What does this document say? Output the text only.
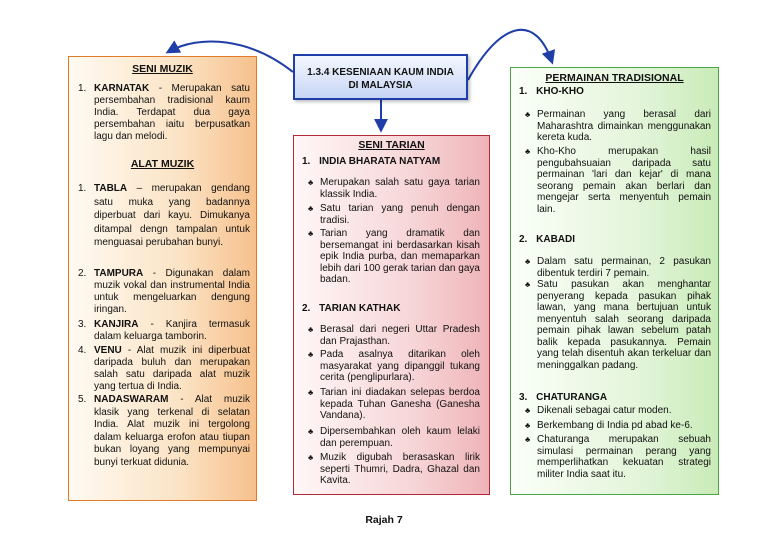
1.3.4 KESENIAAN KAUM INDIA DI MALAYSIA
SENI MUZIK
1. KARNATAK - Merupakan satu persembahan tradisional kaum India. Terdapat dua gaya persembahan iaitu berpusatkan lagu dan melodi.
ALAT MUZIK
1. TABLA – merupakan gendang satu muka yang badannya diperbuat dari kayu. Dimukanya ditampal dengn tampalan untuk menguasai perubahan bunyi.
2. TAMPURA - Digunakan dalam muzik vokal dan instrumental India untuk mengeluarkan dengung iringan.
3. KANJIRA - Kanjira termasuk dalam keluarga tamborin.
4. VENU - Alat muzik ini diperbuat daripada buluh dan merupakan salah satu daripada alat muzik yang tertua di India.
5. NADASWARAM - Alat muzik klasik yang terkenal di selatan India. Alat muzik ini tergolong dalam keluarga erofon atau tiupan bukan loyang yang mempunyai bunyi terkuat didunia.
SENI TARIAN
1. INDIA BHARATA NATYAM
♣ Merupakan salah satu gaya tarian klassik India.
♣ Satu tarian yang penuh dengan tradisi.
♣ Tarian yang dramatik dan bersemangat ini berdasarkan kisah epik India purba, dan memaparkan lebih dari 100 gerak tarian dan gaya badan.
2. TARIAN KATHAK
♣ Berasal dari negeri Uttar Pradesh dan Prajasthan.
♣ Pada asalnya ditarikan oleh masyarakat yang dipanggil tukang cerita (penglipurlara).
♣ Tarian ini diadakan selepas berdoa kepada Tuhan Ganesha (Ganesha Vandana).
♣ Dipersembahkan oleh kaum lelaki dan perempuan.
♣ Muzik digubah berasaskan lirik seperti Thumri, Dadra, Ghazal dan Kavita.
PERMAINAN TRADISIONAL
1. KHO-KHO
♣ Permainan yang berasal dari Maharashtra dimainkan menggunakan kereta kuda.
♣ Kho-Kho merupakan hasil pengubahsuaian daripada satu permainan 'lari dan kejar' di mana seorang pemain akan berlari dan mengejar serta menyentuh pemain lain.
2. KABADI
♣ Dalam satu permainan, 2 pasukan dibentuk terdiri 7 pemain.
♣ Satu pasukan akan menghantar penyerang kepada pasukan pihak lawan, yang mana bertujuan untuk menyentuh salah seorang daripada pemain pihak lawan sebelum patah balik kepada pasukannya. Pemain yang telah disentuh akan terkeluar dan meninggalkan padang.
3. CHATURANGA
♣ Dikenali sebagai catur moden.
♣ Berkembang di India pd abad ke-6.
♣ Chaturanga merupakan sebuah simulasi permainan perang yang memperlihatkan kekuatan strategi militer India saat itu.
Rajah 7
